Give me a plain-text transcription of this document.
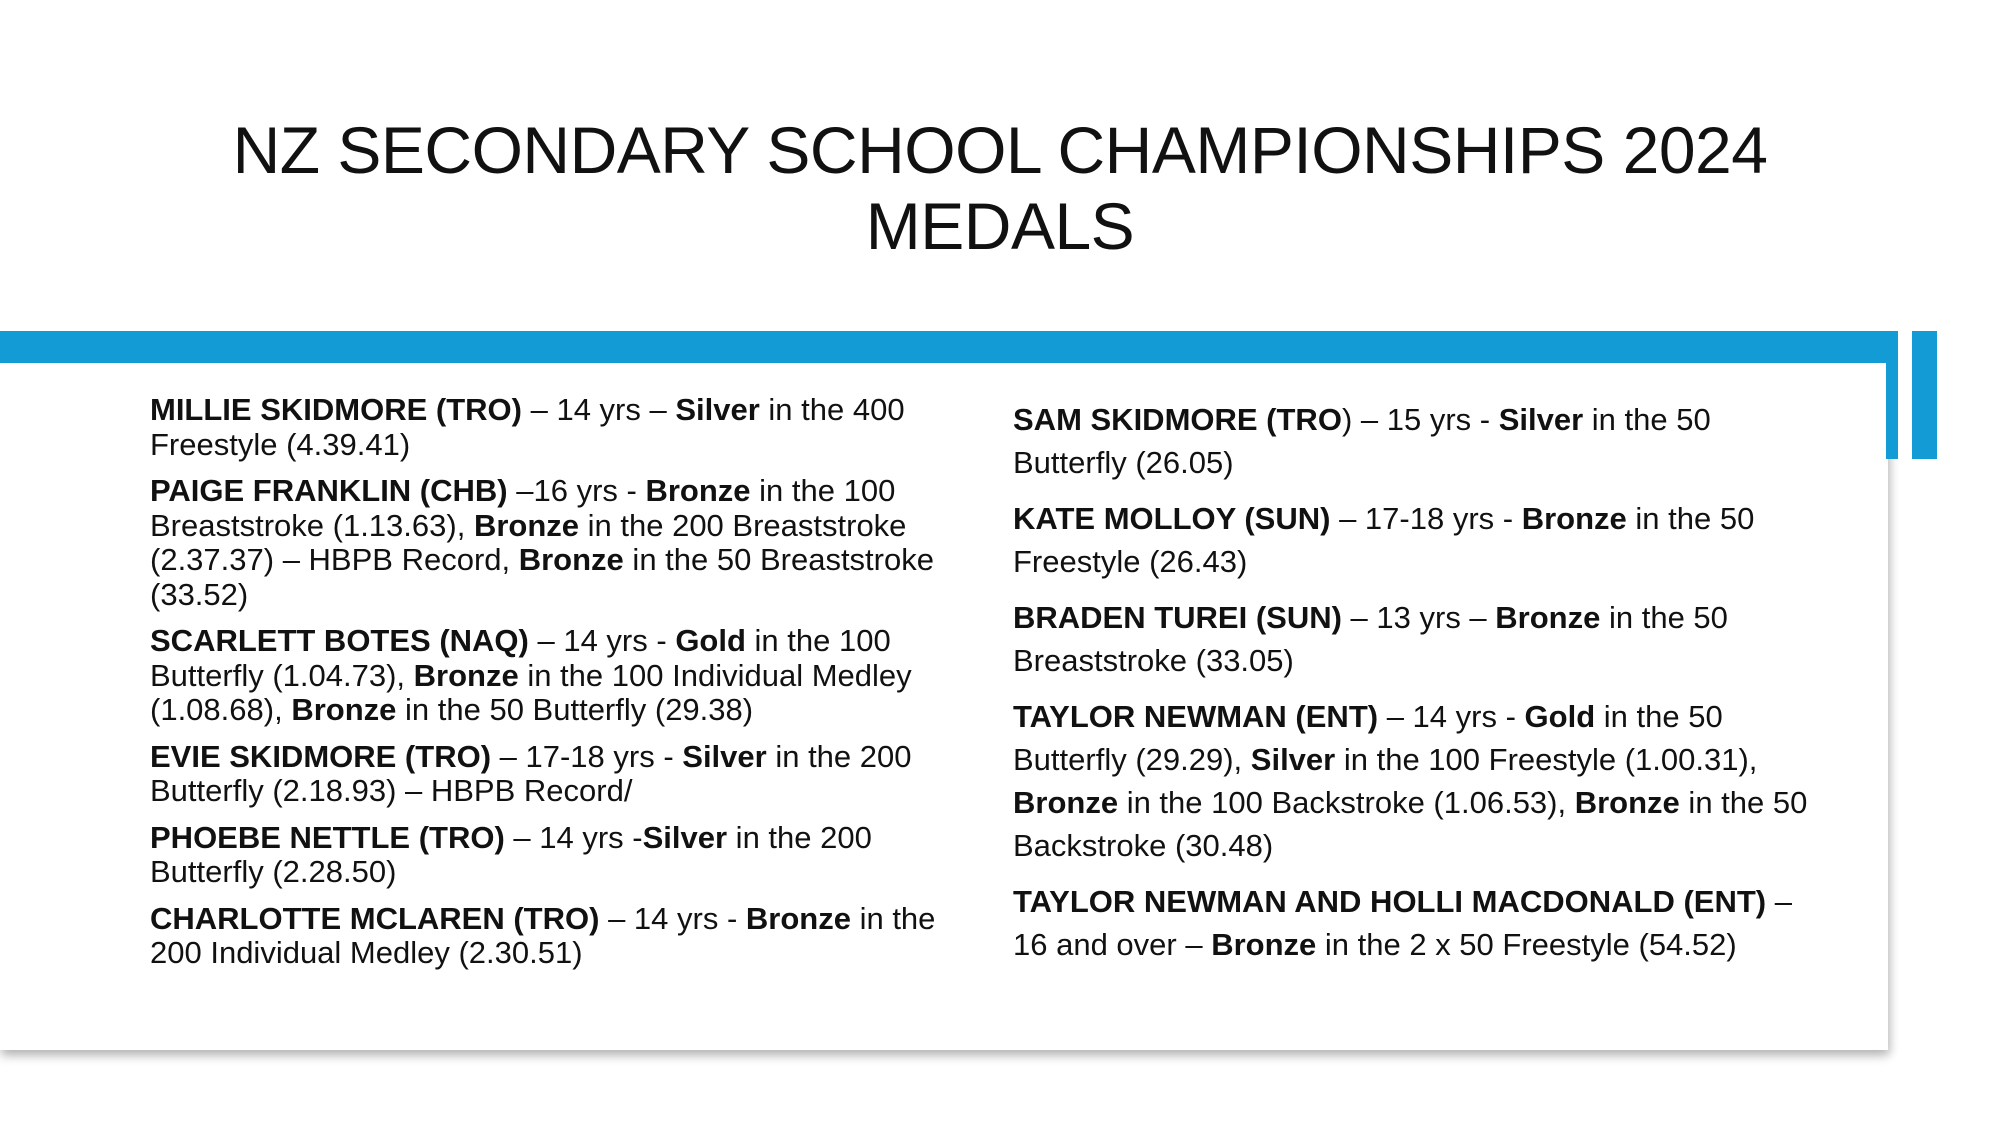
NZ SECONDARY SCHOOL CHAMPIONSHIPS 2024
MEDALS

MILLIE SKIDMORE (TRO) – 14 yrs – Silver in the 400 Freestyle (4.39.41)

PAIGE FRANKLIN (CHB) –16 yrs - Bronze in the 100 Breaststroke (1.13.63), Bronze in the 200 Breaststroke (2.37.37) – HBPB Record, Bronze in the 50 Breaststroke (33.52)

SCARLETT BOTES (NAQ) – 14 yrs - Gold in the 100 Butterfly (1.04.73), Bronze in the 100 Individual Medley (1.08.68), Bronze in the 50 Butterfly (29.38)

EVIE SKIDMORE (TRO) – 17-18 yrs - Silver in the 200 Butterfly (2.18.93) – HBPB Record/

PHOEBE NETTLE (TRO) – 14 yrs -Silver in the 200 Butterfly (2.28.50)

CHARLOTTE MCLAREN (TRO) – 14 yrs - Bronze in the 200 Individual Medley (2.30.51)

SAM SKIDMORE (TRO) – 15 yrs - Silver in the 50 Butterfly (26.05)

KATE MOLLOY (SUN) – 17-18 yrs - Bronze in the 50 Freestyle (26.43)

BRADEN TUREI (SUN) – 13 yrs – Bronze in the 50 Breaststroke (33.05)

TAYLOR NEWMAN (ENT) – 14 yrs - Gold in the 50 Butterfly (29.29), Silver in the 100 Freestyle (1.00.31), Bronze in the 100 Backstroke (1.06.53), Bronze in the 50 Backstroke (30.48)

TAYLOR NEWMAN AND HOLLI MACDONALD (ENT) – 16 and over – Bronze in the 2 x 50 Freestyle (54.52)
